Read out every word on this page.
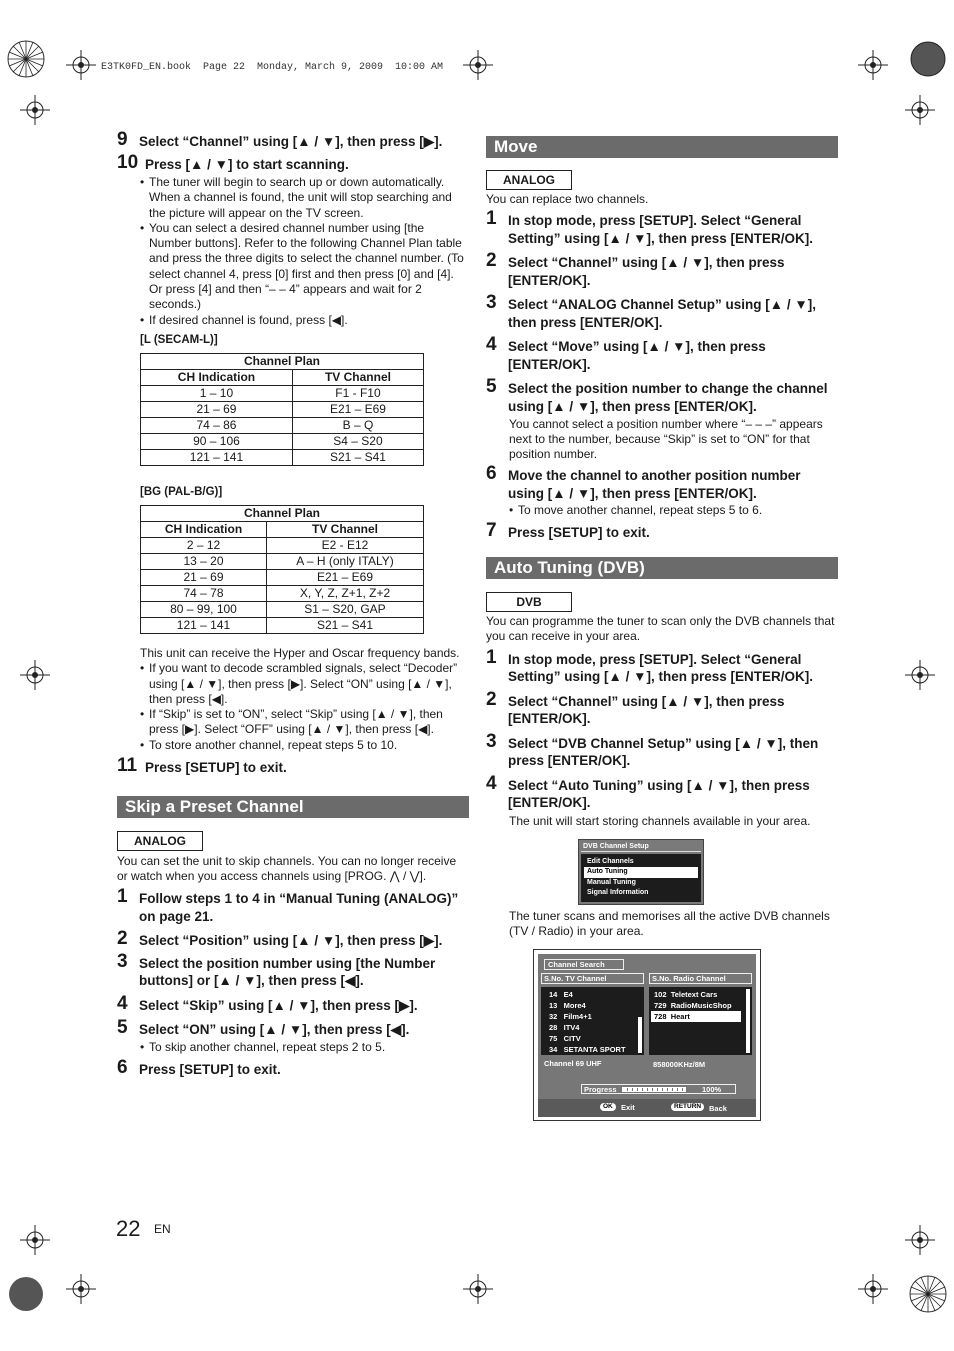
E3TK0FD_EN.book  Page 22  Monday, March 9, 2009  10:00 AM
9 Select “Channel” using [▲ / ▼], then press [▶].
10 Press [▲ / ▼] to start scanning.
• The tuner will begin to search up or down automatically. When a channel is found, the unit will stop searching and the picture will appear on the TV screen.
• You can select a desired channel number using [the Number buttons]. Refer to the following Channel Plan table and press the three digits to select the channel number. (To select channel 4, press [0] first and then press [0] and [4]. Or press [4] and then “– – 4” appears and wait for 2 seconds.)
• If desired channel is found, press [◀].
[L (SECAM-L)]
Channel Plan	
CH Indication	TV Channel
1 – 10	F1 - F10
21 – 69	E21 – E69
74 – 86	B – Q
90 – 106	S4 – S20
121 – 141	S21 – S41
[BG (PAL-B/G)]
Channel Plan	
CH Indication	TV Channel
2 – 12	E2 - E12
13 – 20	A – H (only ITALY)
21 – 69	E21 – E69
74 – 78	X, Y, Z, Z+1, Z+2
80 – 99, 100	S1 – S20, GAP
121 – 141	S21 – S41
This unit can receive the Hyper and Oscar frequency bands.
• If you want to decode scrambled signals, select “Decoder” using [▲ / ▼], then press [▶]. Select “ON” using [▲ / ▼], then press [◀].
• If “Skip” is set to “ON”, select “Skip” using [▲ / ▼], then press [▶]. Select “OFF” using [▲ / ▼], then press [◀].
• To store another channel, repeat steps 5 to 10.
11 Press [SETUP] to exit.
Skip a Preset Channel
ANALOG
You can set the unit to skip channels. You can no longer receive or watch when you access channels using [PROG. ⋀ / ⋁].
1 Follow steps 1 to 4 in “Manual Tuning (ANALOG)” on page 21.
2 Select “Position” using [▲ / ▼], then press [▶].
3 Select the position number using [the Number buttons] or [▲ / ▼], then press [◀].
4 Select “Skip” using [▲ / ▼], then press [▶].
5 Select “ON” using [▲ / ▼], then press [◀].
• To skip another channel, repeat steps 2 to 5.
6 Press [SETUP] to exit.
Move
ANALOG
You can replace two channels.
1 In stop mode, press [SETUP]. Select “General Setting” using [▲ / ▼], then press [ENTER/OK].
2 Select “Channel” using [▲ / ▼], then press [ENTER/OK].
3 Select “ANALOG Channel Setup” using [▲ / ▼], then press [ENTER/OK].
4 Select “Move” using [▲ / ▼], then press [ENTER/OK].
5 Select the position number to change the channel using [▲ / ▼], then press [ENTER/OK].
You cannot select a position number where “– – –” appears next to the number, because “Skip” is set to “ON” for that position number.
6 Move the channel to another position number using [▲ / ▼], then press [ENTER/OK].
• To move another channel, repeat steps 5 to 6.
7 Press [SETUP] to exit.
Auto Tuning (DVB)
DVB
You can programme the tuner to scan only the DVB channels that you can receive in your area.
1 In stop mode, press [SETUP]. Select “General Setting” using [▲ / ▼], then press [ENTER/OK].
2 Select “Channel” using [▲ / ▼], then press [ENTER/OK].
3 Select “DVB Channel Setup” using [▲ / ▼], then press [ENTER/OK].
4 Select “Auto Tuning” using [▲ / ▼], then press [ENTER/OK].
The unit will start storing channels available in your area.
DVB Channel Setup
Edit Channels
Auto Tuning
Manual Tuning
Signal Information
The tuner scans and memorises all the active DVB channels (TV / Radio) in your area.
Channel Search
S.No. TV Channel	S.No. Radio Channel
14 E4
13 More4
32 Film4+1
28 ITV4
75 CITV
34 SETANTA SPORT
102 Teletext Cars
729 RadioMusicShop
728 Heart
Channel 69 UHF	858000KHz/8M
Progress	100%
OK	Exit	RETURN	Back
22 EN
